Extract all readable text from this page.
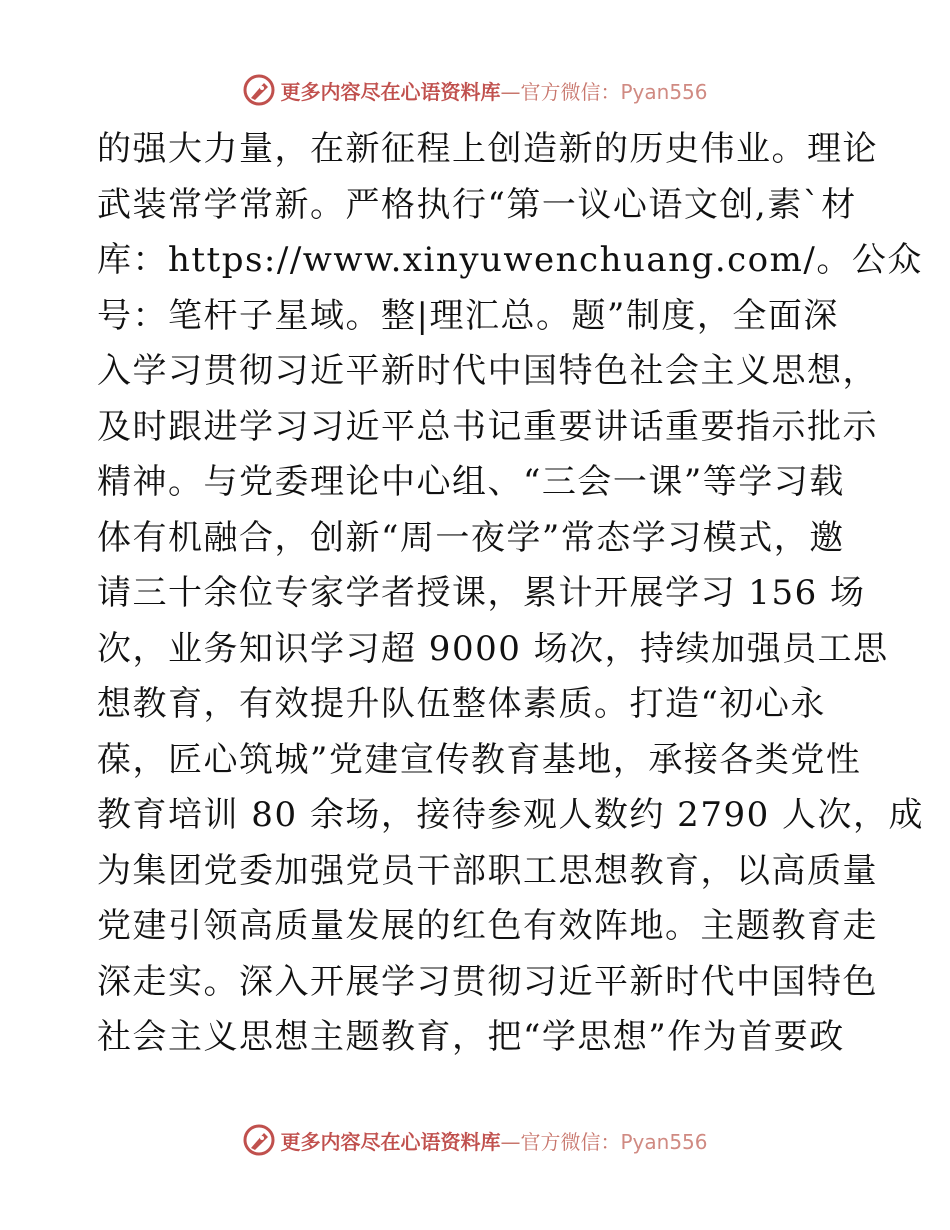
更多内容尽在心语资料库—官方微信：Pyan556
的强大力量，在新征程上创造新的历史伟业。理论
武装常学常新。严格执行“第一议心语文创,素`材
库：https://www.xinyuwenchuang.com/。公众
号：笔杆子星域。整|理汇总。题”制度，全面深
入学习贯彻习近平新时代中国特色社会主义思想，
及时跟进学习习近平总书记重要讲话重要指示批示
精神。与党委理论中心组、“三会一课”等学习载
体有机融合，创新“周一夜学”常态学习模式，邀
请三十余位专家学者授课，累计开展学习 156 场
次，业务知识学习超 9000 场次，持续加强员工思
想教育，有效提升队伍整体素质。打造“初心永
葆，匠心筑城”党建宣传教育基地，承接各类党性
教育培训 80 余场，接待参观人数约 2790 人次，成
为集团党委加强党员干部职工思想教育，以高质量
党建引领高质量发展的红色有效阵地。主题教育走
深走实。深入开展学习贯彻习近平新时代中国特色
社会主义思想主题教育，把“学思想”作为首要政
更多内容尽在心语资料库—官方微信：Pyan556
